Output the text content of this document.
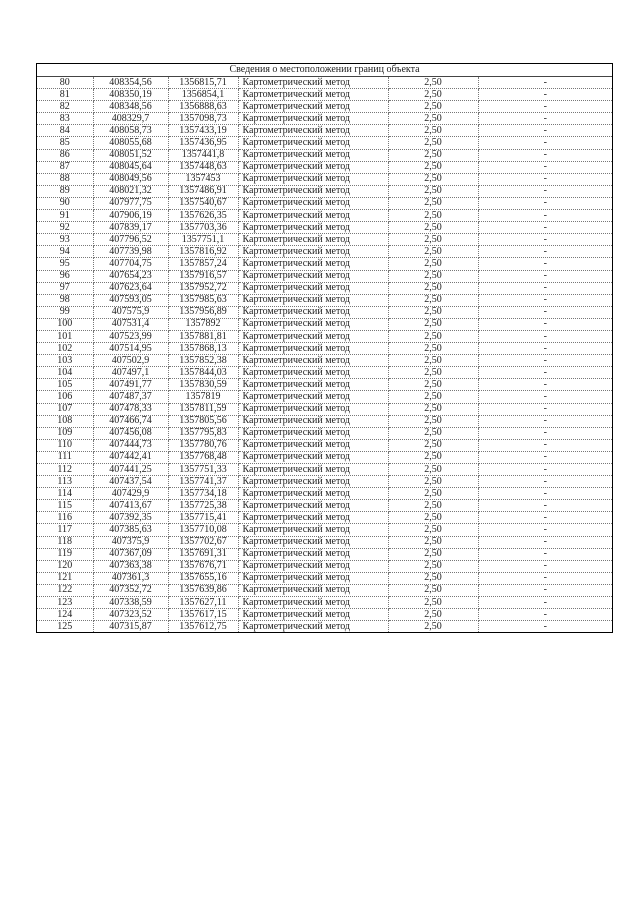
Сведения о местоположении границ объекта
80	408354,56	1356815,71	Картометрический метод	2,50	-
81	408350,19	1356854,1	Картометрический метод	2,50	-
82	408348,56	1356888,63	Картометрический метод	2,50	-
83	408329,7	1357098,73	Картометрический метод	2,50	-
84	408058,73	1357433,19	Картометрический метод	2,50	-
85	408055,68	1357436,95	Картометрический метод	2,50	-
86	408051,52	1357441,8	Картометрический метод	2,50	-
87	408045,64	1357448,63	Картометрический метод	2,50	-
88	408049,56	1357453	Картометрический метод	2,50	-
89	408021,32	1357486,91	Картометрический метод	2,50	-
90	407977,75	1357540,67	Картометрический метод	2,50	-
91	407906,19	1357626,35	Картометрический метод	2,50	-
92	407839,17	1357703,36	Картометрический метод	2,50	-
93	407796,52	1357751,1	Картометрический метод	2,50	-
94	407739,98	1357816,92	Картометрический метод	2,50	-
95	407704,75	1357857,24	Картометрический метод	2,50	-
96	407654,23	1357916,57	Картометрический метод	2,50	-
97	407623,64	1357952,72	Картометрический метод	2,50	-
98	407593,05	1357985,63	Картометрический метод	2,50	-
99	407575,9	1357956,89	Картометрический метод	2,50	-
100	407531,4	1357892	Картометрический метод	2,50	-
101	407523,99	1357881,81	Картометрический метод	2,50	-
102	407514,95	1357868,13	Картометрический метод	2,50	-
103	407502,9	1357852,38	Картометрический метод	2,50	-
104	407497,1	1357844,03	Картометрический метод	2,50	-
105	407491,77	1357830,59	Картометрический метод	2,50	-
106	407487,37	1357819	Картометрический метод	2,50	-
107	407478,33	1357811,59	Картометрический метод	2,50	-
108	407466,74	1357805,56	Картометрический метод	2,50	-
109	407456,08	1357795,83	Картометрический метод	2,50	-
110	407444,73	1357780,76	Картометрический метод	2,50	-
111	407442,41	1357768,48	Картометрический метод	2,50	-
112	407441,25	1357751,33	Картометрический метод	2,50	-
113	407437,54	1357741,37	Картометрический метод	2,50	-
114	407429,9	1357734,18	Картометрический метод	2,50	-
115	407413,67	1357725,38	Картометрический метод	2,50	-
116	407392,35	1357715,41	Картометрический метод	2,50	-
117	407385,63	1357710,08	Картометрический метод	2,50	-
118	407375,9	1357702,67	Картометрический метод	2,50	-
119	407367,09	1357691,31	Картометрический метод	2,50	-
120	407363,38	1357676,71	Картометрический метод	2,50	-
121	407361,3	1357655,16	Картометрический метод	2,50	-
122	407352,72	1357639,86	Картометрический метод	2,50	-
123	407338,59	1357627,11	Картометрический метод	2,50	-
124	407323,52	1357617,15	Картометрический метод	2,50	-
125	407315,87	1357612,75	Картометрический метод	2,50	-
